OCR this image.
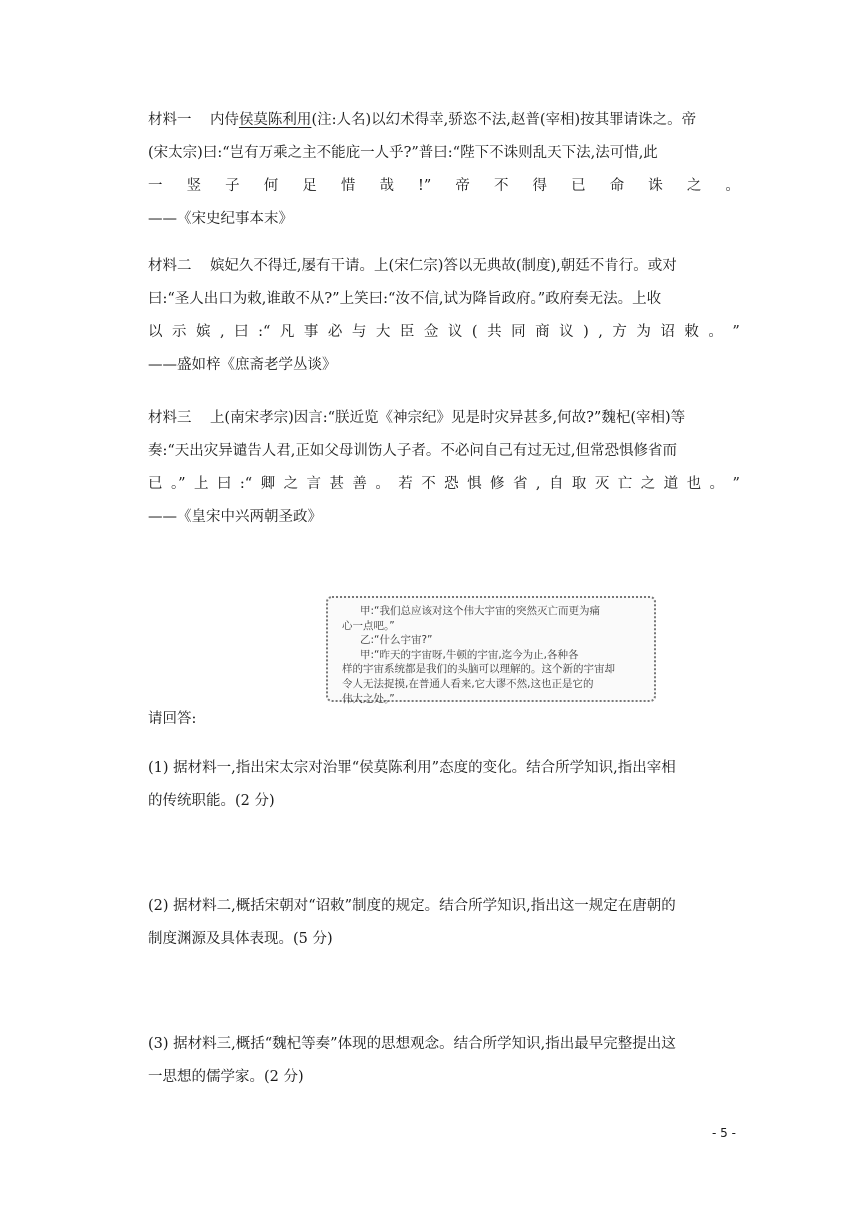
材料一 内侍侯莫陈利用(注:人名)以幻术得幸,骄恣不法,赵普(宰相)按其罪请诛之。帝
(宋太宗)曰:“岂有万乘之主不能庇一人乎?”普曰:“陛下不诛则乱天下法,法可惜,此
一 竖 子 何 足 惜 哉 !” 帝 不 得 已 命 诛 之 。
——《宋史纪事本末》
材料二 嫔妃久不得迁,屡有干请。上(宋仁宗)答以无典故(制度),朝廷不肯行。或对
曰:“圣人出口为敕,谁敢不从?”上笑曰:“汝不信,试为降旨政府。”政府奏无法。上收
以 示 嫔 , 曰 :“ 凡 事 必 与 大 臣 佥 议 ( 共 同 商 议 ) , 方 为 诏 敕 。 ”
——盛如梓《庶斋老学丛谈》
材料三 上(南宋孝宗)因言:“朕近览《神宗纪》见是时灾异甚多,何故?”魏杞(宰相)等
奏:“天出灾异谴告人君,正如父母训饬人子者。不必问自己有过无过,但常恐惧修省而
已 。” 上 曰 :“ 卿 之 言 甚 善 。 若 不 恐 惧 修 省 , 自 取 灭 亡 之 道 也 。 ”
——《皇宋中兴两朝圣政》
甲:“我们总应该对这个伟大宇宙的突然灭亡而更为痛
心一点吧。”
乙:“什么宇宙?”
甲:“昨天的宇宙呀,牛顿的宇宙,迄今为止,各种各
样的宇宙系统都是我们的头脑可以理解的。这个新的宇宙却
令人无法捉摸,在普通人看来,它大谬不然,这也正是它的
伟大之处。”
请回答:
(1) 据材料一,指出宋太宗对治罪“侯莫陈利用”态度的变化。结合所学知识,指出宰相
的传统职能。(2 分)
(2) 据材料二,概括宋朝对“诏敕”制度的规定。结合所学知识,指出这一规定在唐朝的
制度渊源及具体表现。(5 分)
(3) 据材料三,概括“魏杞等奏”体现的思想观念。结合所学知识,指出最早完整提出这
一思想的儒学家。(2 分)
- 5 -
